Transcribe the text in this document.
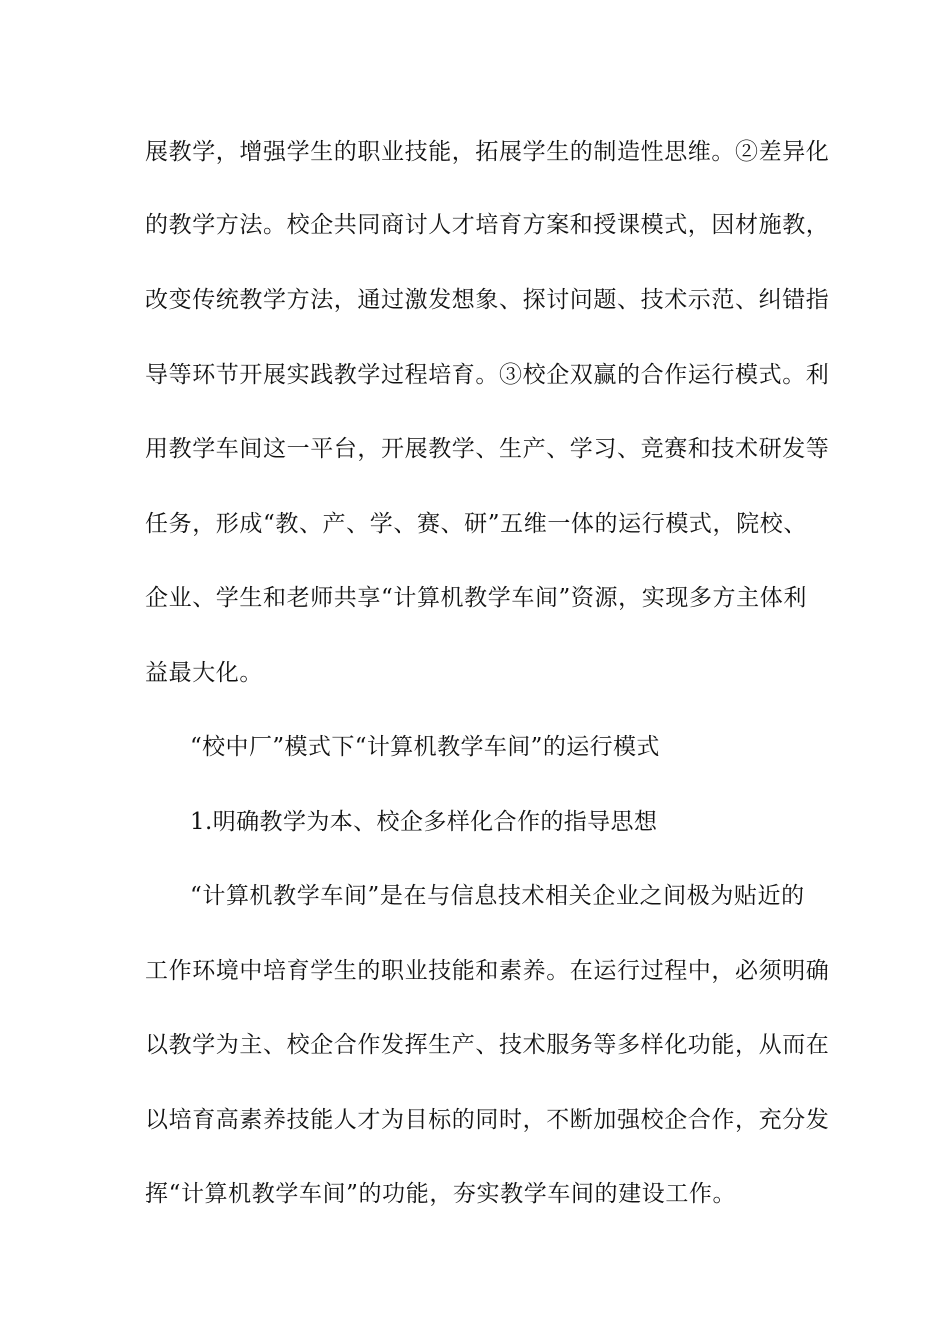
展教学，增强学生的职业技能，拓展学生的制造性思维。②差异化
的教学方法。校企共同商讨人才培育方案和授课模式，因材施教，
改变传统教学方法，通过激发想象、探讨问题、技术示范、纠错指
导等环节开展实践教学过程培育。③校企双赢的合作运行模式。利
用教学车间这一平台，开展教学、生产、学习、竞赛和技术研发等
任务，形成“教、产、学、赛、研”五维一体的运行模式，院校、
企业、学生和老师共享“计算机教学车间”资源，实现多方主体利
益最大化。
“校中厂”模式下“计算机教学车间”的运行模式
1.明确教学为本、校企多样化合作的指导思想
“计算机教学车间”是在与信息技术相关企业之间极为贴近的
工作环境中培育学生的职业技能和素养。在运行过程中，必须明确
以教学为主、校企合作发挥生产、技术服务等多样化功能，从而在
以培育高素养技能人才为目标的同时，不断加强校企合作，充分发
挥“计算机教学车间”的功能，夯实教学车间的建设工作。
